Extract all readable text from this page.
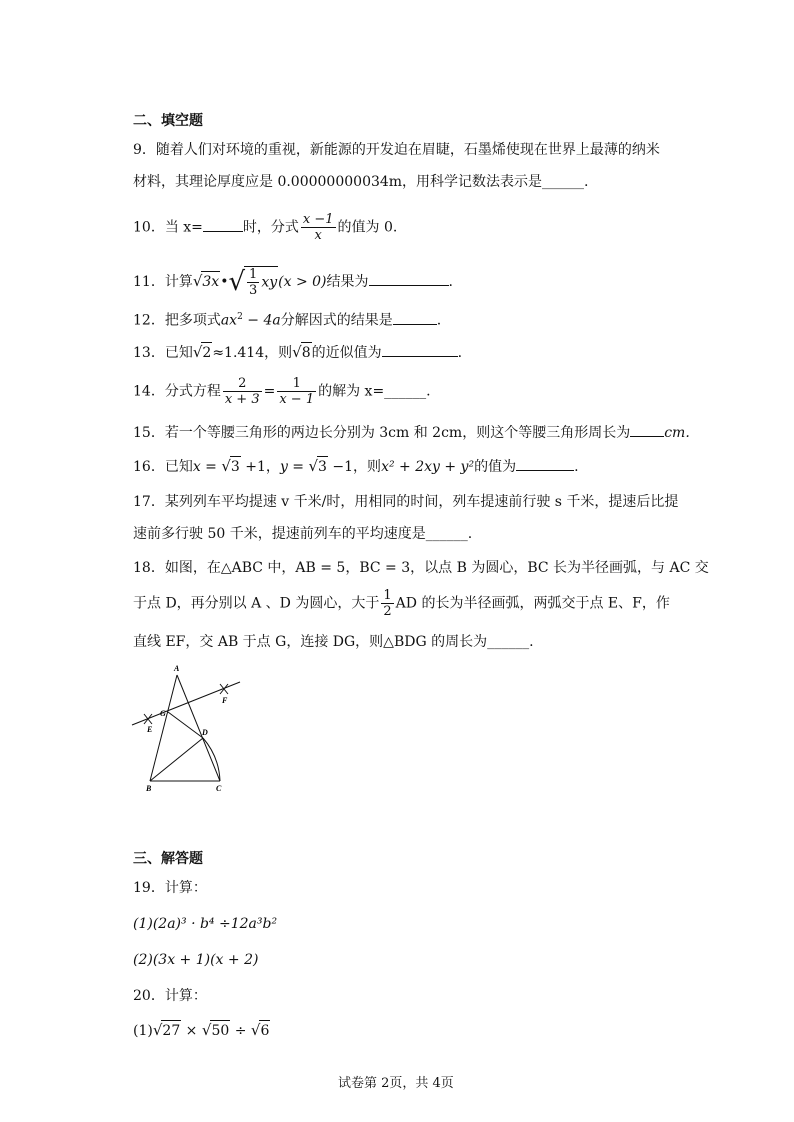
二、填空题
9．随着人们对环境的重视，新能源的开发迫在眉睫，石墨烯使现在世界上最薄的纳米
材料，其理论厚度应是 0.00000000034m，用科学记数法表示是______.
10．当 x=	时，分式 $\frac{x -1}{x}$ 的值为 0.
11．计算√3x•√ $\frac{1}{3} xy(x > 0)$结果为	.
12．把多项式$ax^2 - 4a$分解因式的结果是	.
13．已知√2≈1.414，则√8的近似值为	.
14．分式方程 $\frac{2}{x + 3} = \frac{1}{x - 1}$ 的解为 x=______.
15．若一个等腰三角形的两边长分别为 3cm 和 2cm，则这个等腰三角形周长为 cm.
16．已知x = √3 +1，y = √3 −1，则x² + 2xy + y²的值为	.
17．某列列车平均提速 v 千米/时，用相同的时间，列车提速前行驶 s 千米，提速后比提
速前多行驶 50 千米，提速前列车的平均速度是______.
18．如图，在△ABC 中，AB = 5，BC = 3，以点 B 为圆心，BC 长为半径画弧，与 AC 交
于点 D，再分别以 A 、D 为圆心，大于 $\frac{1}{2}$ AD 的长为半径画弧，两弧交于点 E、F，作
直线 EF，交 AB 于点 G，连接 DG，则△BDG 的周长为______.
A
G
E
F
D
B	C
三、解答题
19．计算：
(1)(2a)³ · b⁴ ÷12a³b²
(2)(3x + 1)(x + 2)
20．计算：
(1)√27 × √50 ÷ √6
试卷第 2页，共 4页
